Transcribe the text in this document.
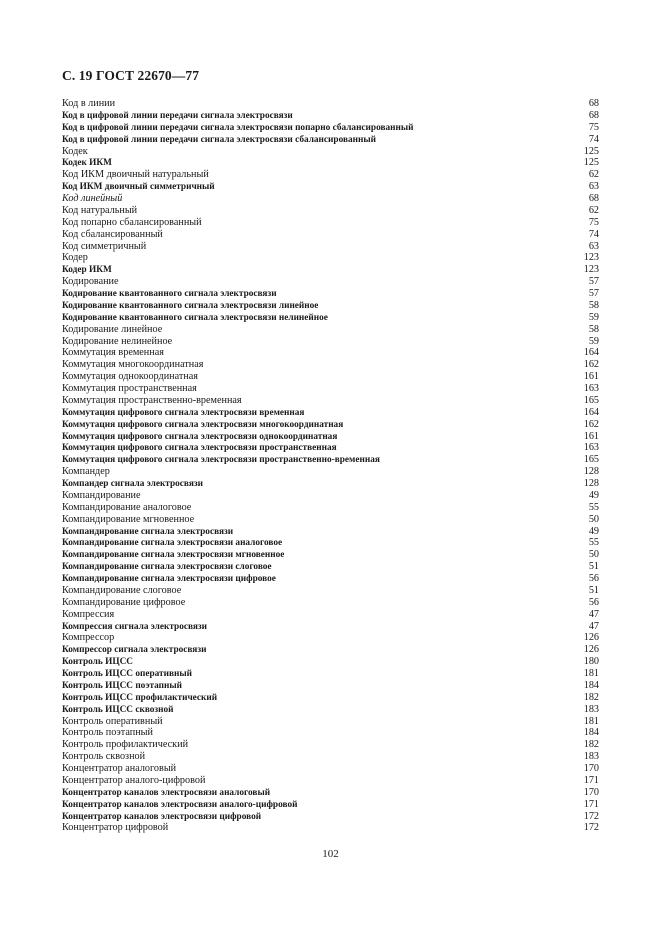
С. 19 ГОСТ 22670—77
Код в линии	68
Код в цифровой линии передачи сигнала электросвязи	68
Код в цифровой линии передачи сигнала электросвязи попарно сбалансированный	75
Код в цифровой линии передачи сигнала электросвязи сбалансированный	74
Кодек	125
Кодек ИКМ	125
Код ИКМ двоичный натуральный	62
Код ИКМ двоичный симметричный	63
Код линейный	68
Код натуральный	62
Код попарно сбалансированный	75
Код сбалансированный	74
Код симметричный	63
Кодер	123
Кодер ИКМ	123
Кодирование	57
Кодирование квантованного сигнала электросвязи	57
Кодирование квантованного сигнала электросвязи линейное	58
Кодирование квантованного сигнала электросвязи нелинейное	59
Кодирование линейное	58
Кодирование нелинейное	59
Коммутация временная	164
Коммутация многокоординатная	162
Коммутация однокоординатная	161
Коммутация пространственная	163
Коммутация пространственно-временная	165
Коммутация цифрового сигнала электросвязи временная	164
Коммутация цифрового сигнала электросвязи многокоординатная	162
Коммутация цифрового сигнала электросвязи однокоординатная	161
Коммутация цифрового сигнала электросвязи пространственная	163
Коммутация цифрового сигнала электросвязи пространственно-временная	165
Компандер	128
Компандер сигнала электросвязи	128
Компандирование	49
Компандирование аналоговое	55
Компандирование мгновенное	50
Компандирование сигнала электросвязи	49
Компандирование сигнала электросвязи аналоговое	55
Компандирование сигнала электросвязи мгновенное	50
Компандирование сигнала электросвязи слоговое	51
Компандирование сигнала электросвязи цифровое	56
Компандирование слоговое	51
Компандирование цифровое	56
Компрессия	47
Компрессия сигнала электросвязи	47
Компрессор	126
Компрессор сигнала электросвязи	126
Контроль ИЦСС	180
Контроль ИЦСС оперативный	181
Контроль ИЦСС поэтапный	184
Контроль ИЦСС профилактический	182
Контроль ИЦСС сквозной	183
Контроль оперативный	181
Контроль поэтапный	184
Контроль профилактический	182
Контроль сквозной	183
Концентратор аналоговый	170
Концентратор аналого-цифровой	171
Концентратор каналов электросвязи аналоговый	170
Концентратор каналов электросвязи аналого-цифровой	171
Концентратор каналов электросвязи цифровой	172
Концентратор цифровой	172
102
